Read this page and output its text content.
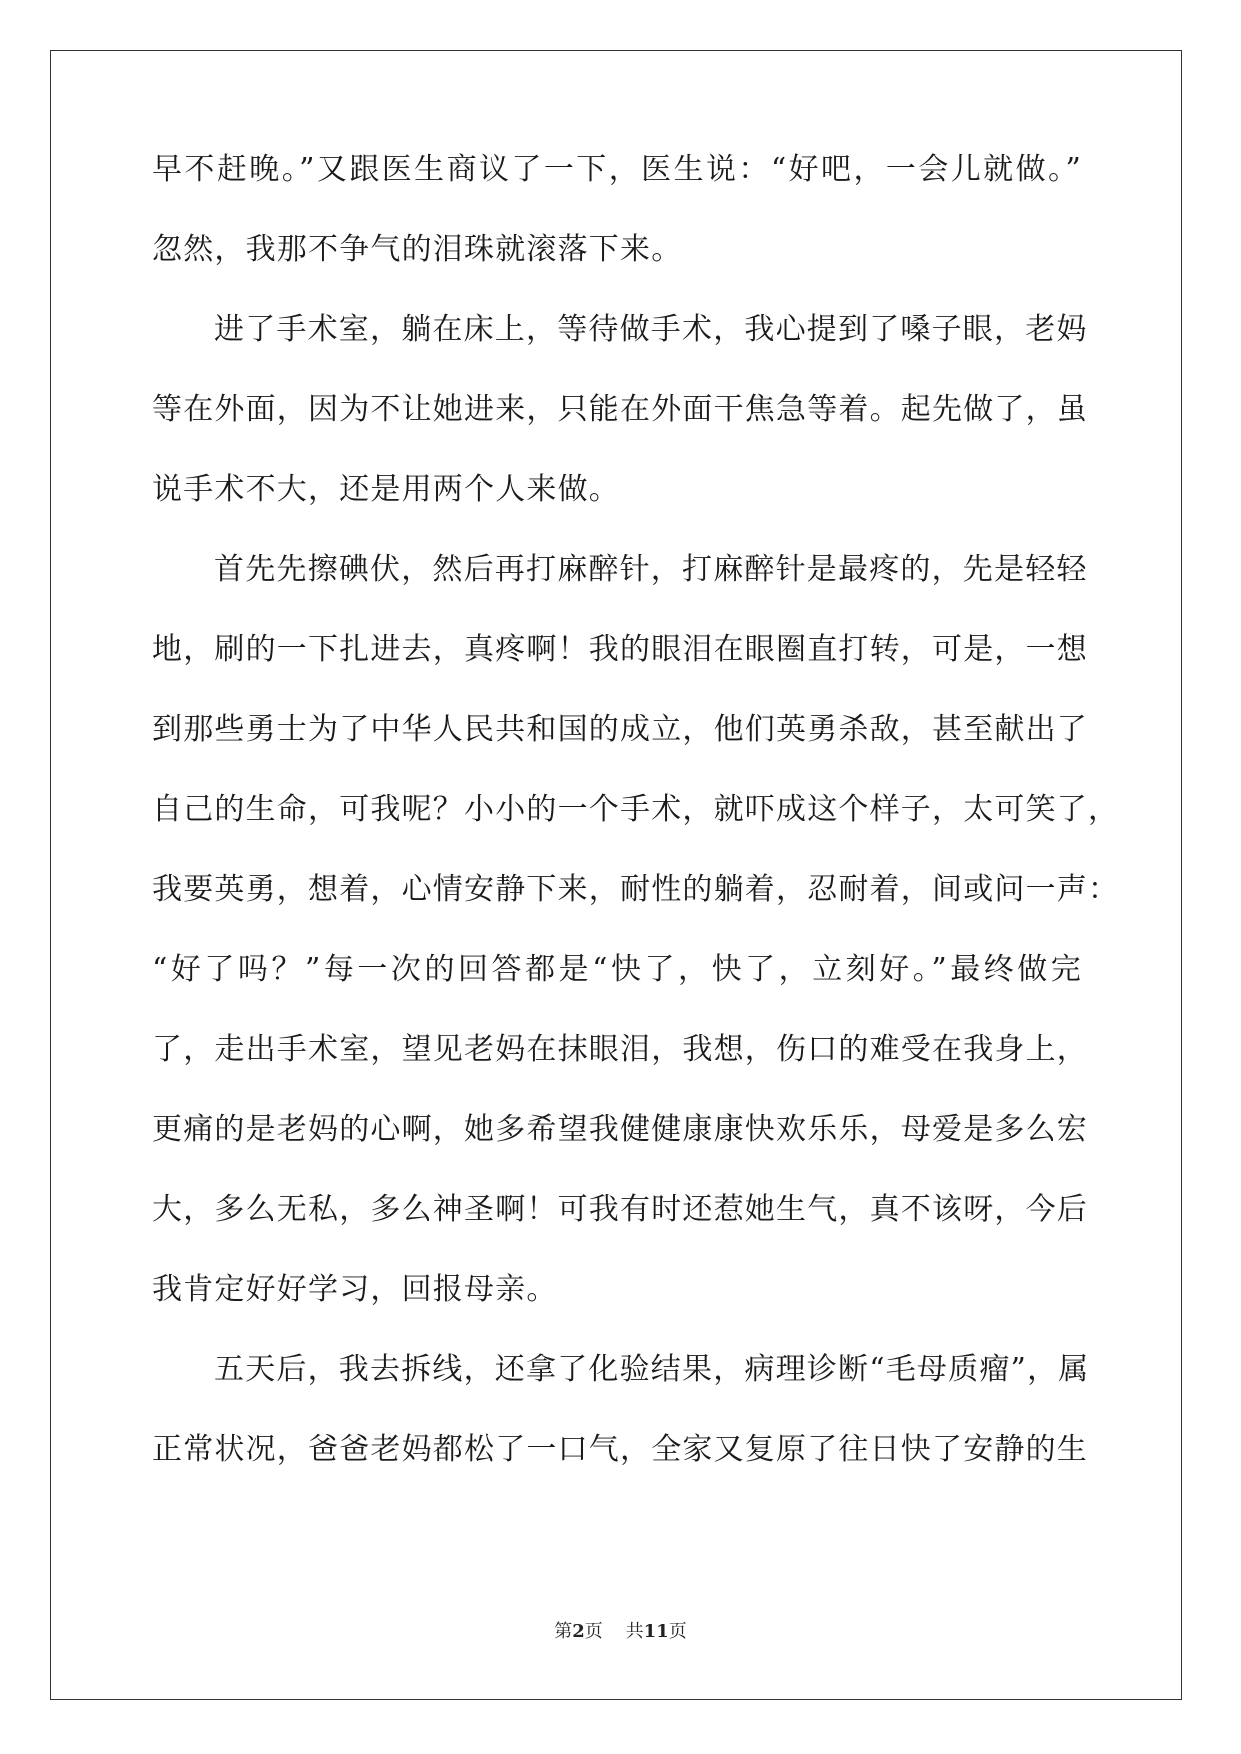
早不赶晚。”又跟医生商议了一下，医生说：“好吧，一会儿就做。”
忽然，我那不争气的泪珠就滚落下来。
进了手术室，躺在床上，等待做手术，我心提到了嗓子眼，老妈
等在外面，因为不让她进来，只能在外面干焦急等着。起先做了，虽
说手术不大，还是用两个人来做。
首先先擦碘伏，然后再打麻醉针，打麻醉针是最疼的，先是轻轻
地，刷的一下扎进去，真疼啊！我的眼泪在眼圈直打转，可是，一想
到那些勇士为了中华人民共和国的成立，他们英勇杀敌，甚至献出了
自己的生命，可我呢？小小的一个手术，就吓成这个样子，太可笑了，
我要英勇，想着，心情安静下来，耐性的躺着，忍耐着，间或问一声：
“好了吗？”每一次的回答都是“快了，快了，立刻好。”最终做完
了，走出手术室，望见老妈在抹眼泪，我想，伤口的难受在我身上，
更痛的是老妈的心啊，她多希望我健健康康快欢乐乐，母爱是多么宏
大，多么无私，多么神圣啊！可我有时还惹她生气，真不该呀，今后
我肯定好好学习，回报母亲。
五天后，我去拆线，还拿了化验结果，病理诊断“毛母质瘤”，属
正常状况，爸爸老妈都松了一口气，全家又复原了往日快了安静的生
第2页 共11页
